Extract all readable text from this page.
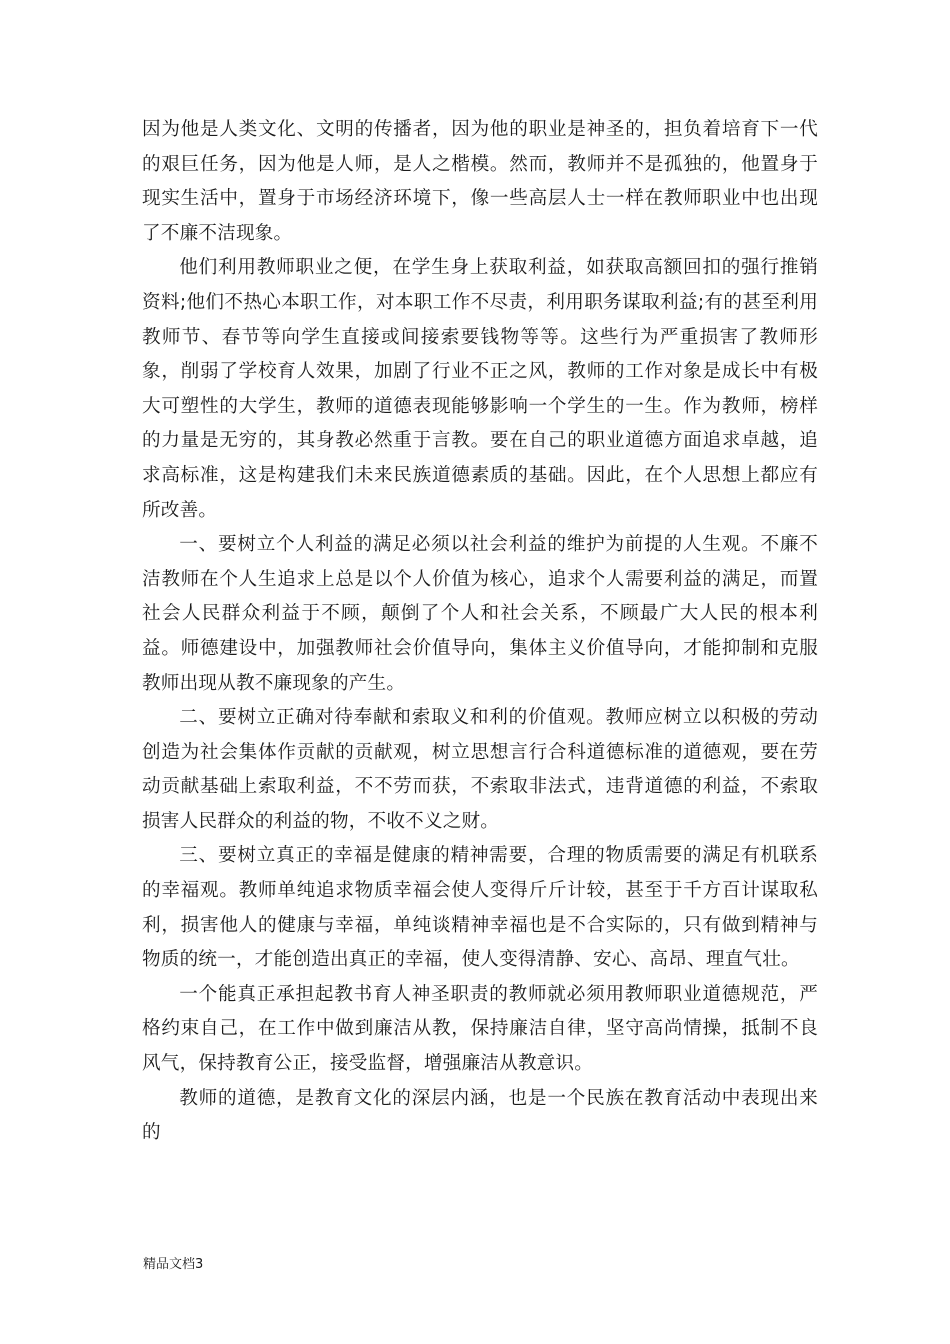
因为他是人类文化、文明的传播者，因为他的职业是神圣的，担负着培育下一代的艰巨任务，因为他是人师，是人之楷模。然而，教师并不是孤独的，他置身于现实生活中，置身于市场经济环境下，像一些高层人士一样在教师职业中也出现了不廉不洁现象。

他们利用教师职业之便，在学生身上获取利益，如获取高额回扣的强行推销资料;他们不热心本职工作，对本职工作不尽责，利用职务谋取利益;有的甚至利用教师节、春节等向学生直接或间接索要钱物等等。这些行为严重损害了教师形象，削弱了学校育人效果，加剧了行业不正之风，教师的工作对象是成长中有极大可塑性的大学生，教师的道德表现能够影响一个学生的一生。作为教师，榜样的力量是无穷的，其身教必然重于言教。要在自己的职业道德方面追求卓越，追求高标准，这是构建我们未来民族道德素质的基础。因此，在个人思想上都应有所改善。

一、要树立个人利益的满足必须以社会利益的维护为前提的人生观。不廉不洁教师在个人生追求上总是以个人价值为核心，追求个人需要利益的满足，而置社会人民群众利益于不顾，颠倒了个人和社会关系，不顾最广大人民的根本利益。师德建设中，加强教师社会价值导向，集体主义价值导向，才能抑制和克服教师出现从教不廉现象的产生。

二、要树立正确对待奉献和索取义和利的价值观。教师应树立以积极的劳动创造为社会集体作贡献的贡献观，树立思想言行合科道德标准的道德观，要在劳动贡献基础上索取利益，不不劳而获，不索取非法式，违背道德的利益，不索取损害人民群众的利益的物，不收不义之财。

三、要树立真正的幸福是健康的精神需要，合理的物质需要的满足有机联系的幸福观。教师单纯追求物质幸福会使人变得斤斤计较，甚至于千方百计谋取私利，损害他人的健康与幸福，单纯谈精神幸福也是不合实际的，只有做到精神与物质的统一，才能创造出真正的幸福，使人变得清静、安心、高昂、理直气壮。

一个能真正承担起教书育人神圣职责的教师就必须用教师职业道德规范，严格约束自己，在工作中做到廉洁从教，保持廉洁自律，坚守高尚情操，抵制不良风气，保持教育公正，接受监督，增强廉洁从教意识。

教师的道德，是教育文化的深层内涵，也是一个民族在教育活动中表现出来的

精品文档3
